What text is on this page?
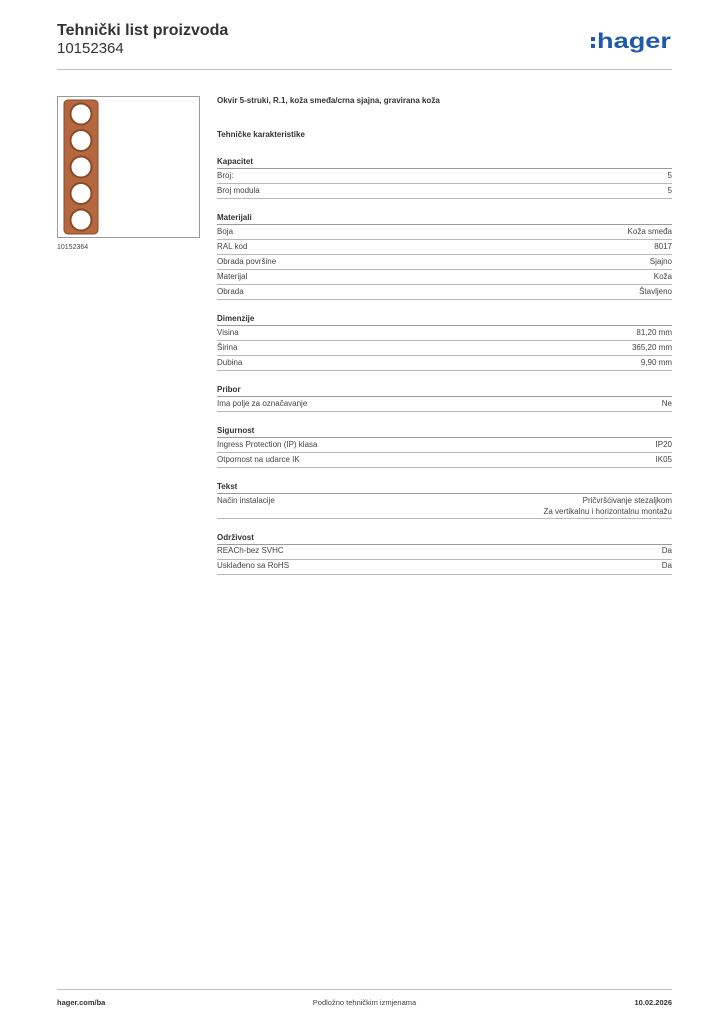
Tehnički list proizvoda
10152364	hager
10152364
Okvir 5-struki, R.1, koža smeđa/crna sjajna, gravirana koža
Tehničke karakteristike
Kapacitet
Broj:	5
Broj modula	5
Materijali
Boja	Koža smeđa
RAL kod	8017
Obrada površine	Sjajno
Materijal	Koža
Obrada	Štavljeno
Dimenzije
Visina	81,20 mm
Širina	365,20 mm
Dubina	9,90 mm
Pribor
Ima polje za označavanje	Ne
Sigurnost
Ingress Protection (IP) klasa	IP20
Otpornost na udarce IK	IK05
Tekst
Način instalacije	Pričvršćivanje stezaljkom
Za vertikalnu i horizontalnu montažu
Održivost
REACh-bez SVHC	Da
Usklađeno sa RoHS	Da
hager.com/ba	Podložno tehničkim izmjenama	10.02.2026
